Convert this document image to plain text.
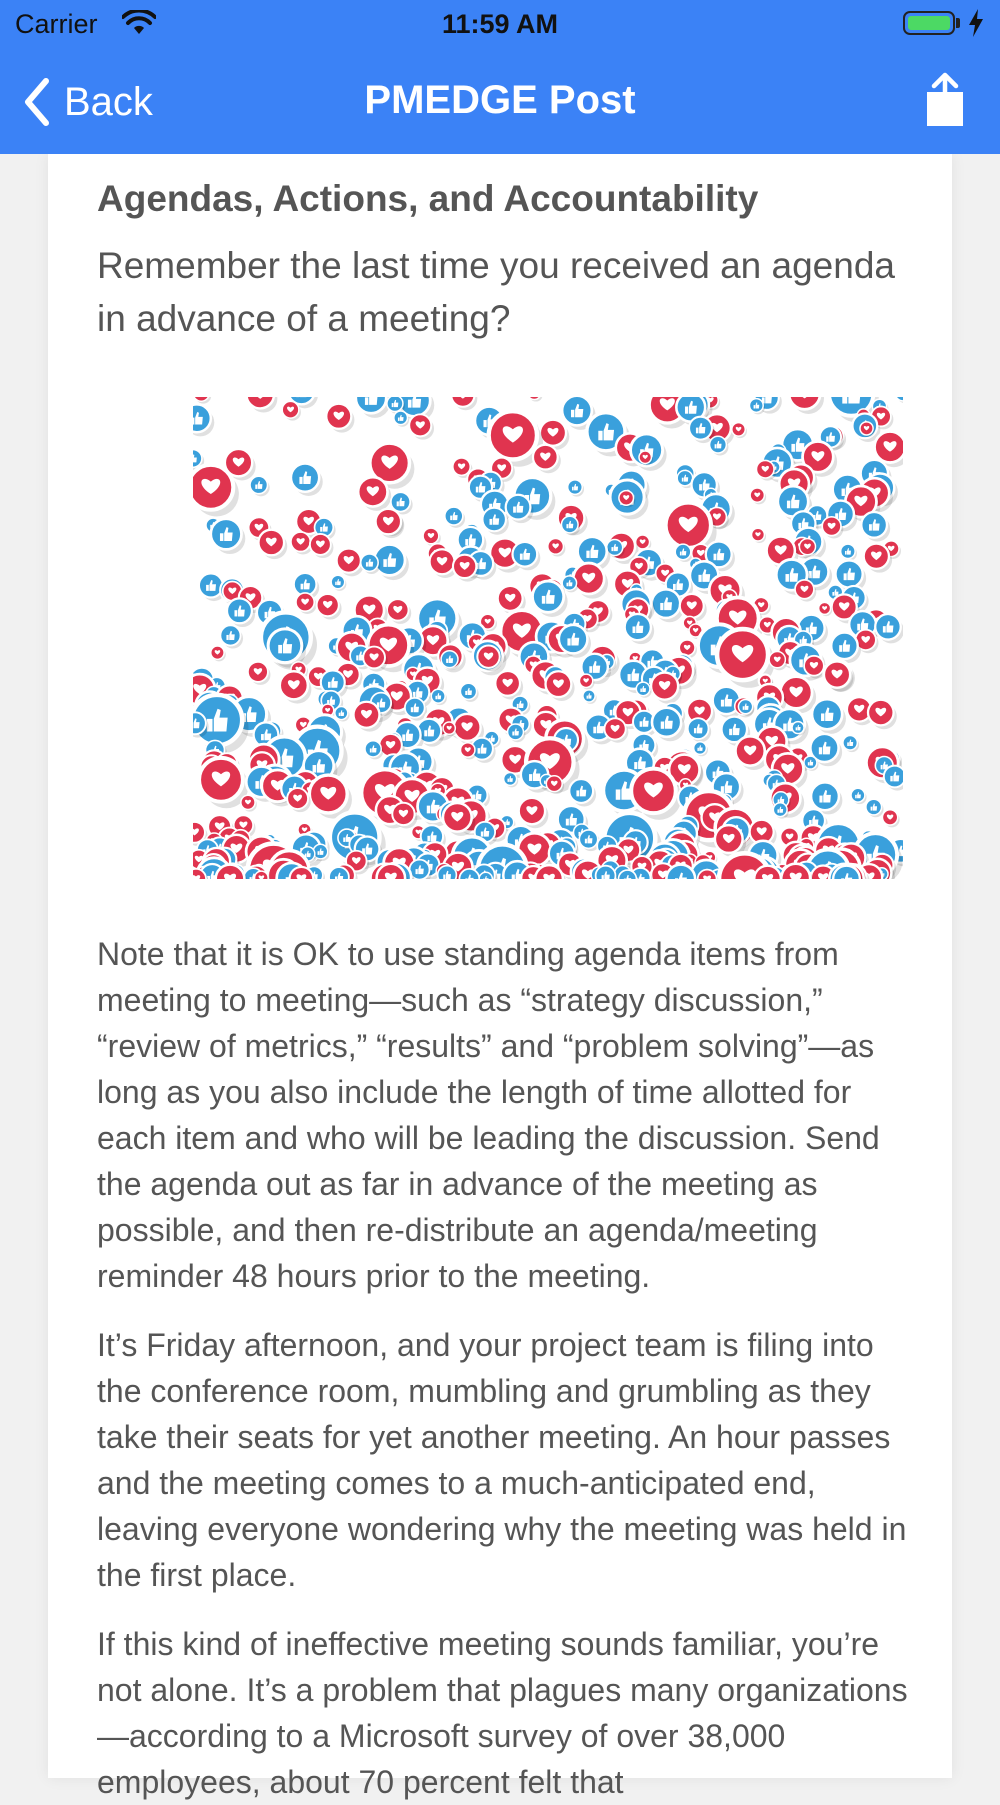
Carrier	11:59 AM
Back	PMEDGE Post
Agendas, Actions, and Accountability

Remember the last time you received an agenda in advance of a meeting?

Note that it is OK to use standing agenda items from meeting to meeting—such as “strategy discussion,” “review of metrics,” “results” and “problem solving”—as long as you also include the length of time allotted for each item and who will be leading the discussion. Send the agenda out as far in advance of the meeting as possible, and then re-distribute an agenda/meeting reminder 48 hours prior to the meeting.

It’s Friday afternoon, and your project team is filing into the conference room, mumbling and grumbling as they take their seats for yet another meeting. An hour passes and the meeting comes to a much-anticipated end, leaving everyone wondering why the meeting was held in the first place.

If this kind of ineffective meeting sounds familiar, you’re not alone. It’s a problem that plagues many organizations—according to a Microsoft survey of over 38,000 employees, about 70 percent felt that
